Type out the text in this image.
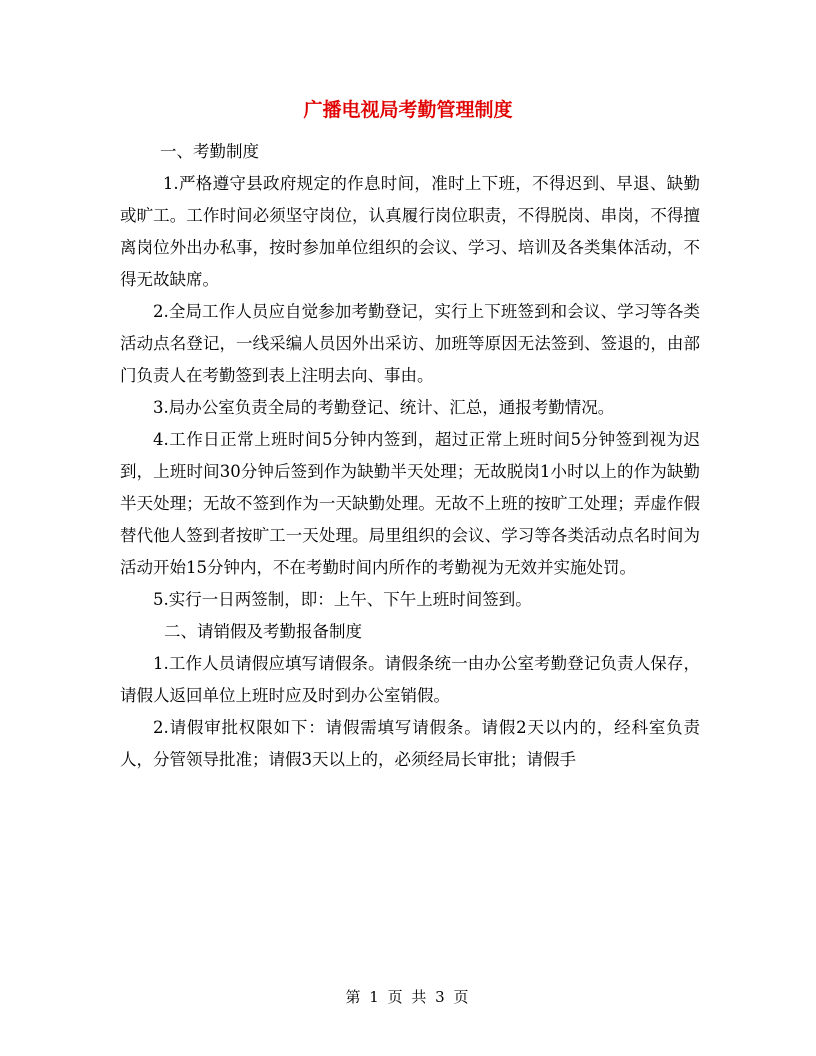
广播电视局考勤管理制度

一、考勤制度

1.严格遵守县政府规定的作息时间，准时上下班，不得迟到、早退、缺勤或旷工。工作时间必须坚守岗位，认真履行岗位职责，不得脱岗、串岗，不得擅离岗位外出办私事，按时参加单位组织的会议、学习、培训及各类集体活动，不得无故缺席。

2.全局工作人员应自觉参加考勤登记，实行上下班签到和会议、学习等各类活动点名登记，一线采编人员因外出采访、加班等原因无法签到、签退的，由部门负责人在考勤签到表上注明去向、事由。

3.局办公室负责全局的考勤登记、统计、汇总，通报考勤情况。

4.工作日正常上班时间5分钟内签到，超过正常上班时间5分钟签到视为迟到，上班时间30分钟后签到作为缺勤半天处理；无故脱岗1小时以上的作为缺勤半天处理；无故不签到作为一天缺勤处理。无故不上班的按旷工处理；弄虚作假替代他人签到者按旷工一天处理。局里组织的会议、学习等各类活动点名时间为活动开始15分钟内，不在考勤时间内所作的考勤视为无效并实施处罚。

5.实行一日两签制，即：上午、下午上班时间签到。

二、请销假及考勤报备制度

1.工作人员请假应填写请假条。请假条统一由办公室考勤登记负责人保存，请假人返回单位上班时应及时到办公室销假。

2.请假审批权限如下：请假需填写请假条。请假2天以内的，经科室负责人，分管领导批准；请假3天以上的，必须经局长审批；请假手

第 1 页 共 3 页
